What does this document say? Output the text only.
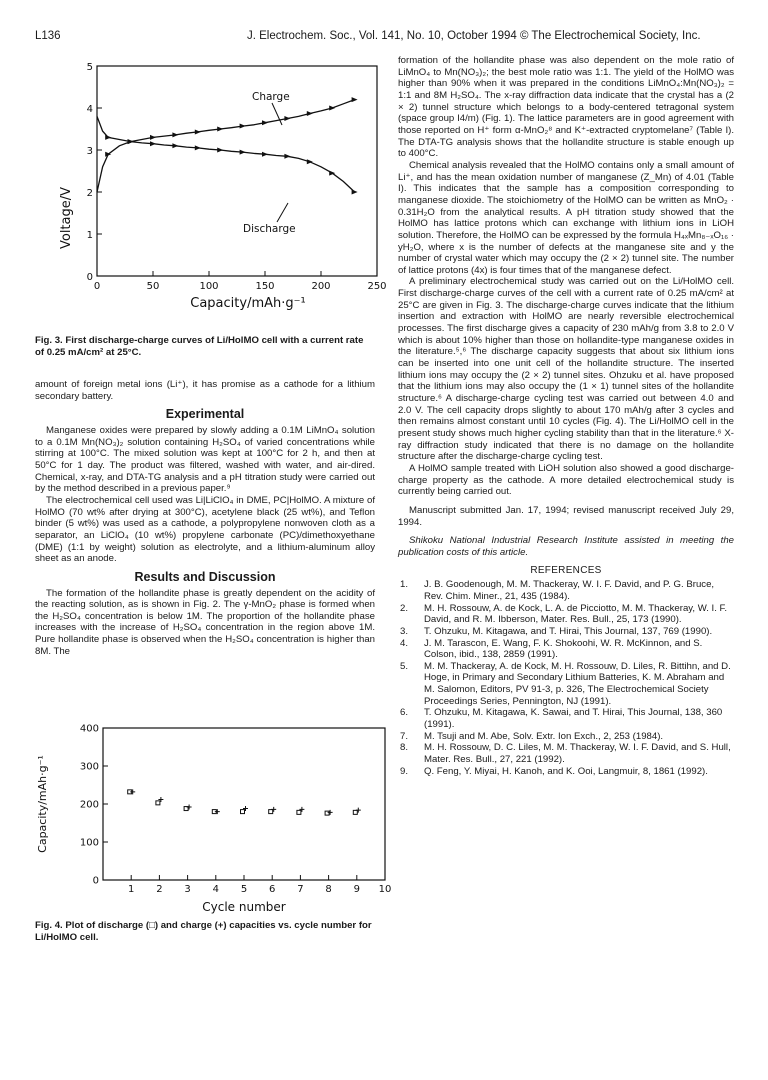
L136	J. Electrochem. Soc., Vol. 141, No. 10, October 1994 © The Electrochemical Society, Inc.
0
1
2
3
4
5
0	50	100	150	200	250
Capacity/mAh·g⁻¹
Voltage/V
Charge
Discharge
Fig. 3. First discharge-charge curves of Li/HolMO cell with a current rate of 0.25 mA/cm² at 25°C.

amount of foreign metal ions (Li⁺), it has promise as a cathode for a lithium secondary battery.

Experimental

Manganese oxides were prepared by slowly adding a 0.1M LiMnO₄ solution to a 0.1M Mn(NO₃)₂ solution containing H₂SO₄ of varied concentrations while stirring at 100°C. The mixed solution was kept at 100°C for 2 h, and then at 50°C for 1 day. The product was filtered, washed with water, and air-dired. Chemical, x-ray, and DTA-TG analysis and a pH titration study were carried out by the method described in a previous paper.⁹

The electrochemical cell used was Li|LiClO₄ in DME, PC|HolMO. A mixture of HolMO (70 wt% after drying at 300°C), acetylene black (25 wt%), and Teflon binder (5 wt%) was used as a cathode, a polypropylene nonwoven cloth as a separator, an LiClO₄ (10 wt%) propylene carbonate (PC)/dimethoxyethane (DME) (1:1 by weight) solution as electrolyte, and a lithium-aluminum alloy sheet as an anode.

Results and Discussion

The formation of the hollandite phase is greatly dependent on the acidity of the reacting solution, as is shown in Fig. 2. The γ-MnO₂ phase is formed when the H₂SO₄ concentration is below 1M. The proportion of the hollandite phase increases with the increase of H₂SO₄ concentration in the region above 1M. Pure hollandite phase is observed when the H₂SO₄ concentration is higher than 8M. The

0
100
200
300
400
1 2 3 4 5 6 7 8 9 10
Cycle number
Capacity/mAh·g⁻¹
Fig. 4. Plot of discharge (□) and charge (+) capacities vs. cycle number for Li/HolMO cell.

formation of the hollandite phase was also dependent on the mole ratio of LiMnO₄ to Mn(NO₃)₂; the best mole ratio was 1:1. The yield of the HolMO was higher than 90% when it was prepared in the conditions LiMnO₄:Mn(NO₃)₂ = 1:1 and 8M H₂SO₄. The x-ray diffraction data indicate that the crystal has a (2 × 2) tunnel structure which belongs to a body-centered tetragonal system (space group I4/m) (Fig. 1). The lattice parameters are in good agreement with those reported on H⁺ form α-MnO₂⁸ and K⁺-extracted cryptomelane⁷ (Table I). The DTA-TG analysis shows that the hollandite structure is stable enough up to 400°C.

Chemical analysis revealed that the HolMO contains only a small amount of Li⁺, and has the mean oxidation number of manganese (Z_Mn) of 4.01 (Table I). This indicates that the sample has a composition corresponding to manganese dioxide. The stoichiometry of the HolMO can be written as MnO₂ · 0.31H₂O from the analytical results. A pH titration study showed that the HolMO has lattice protons which can exchange with lithium ions in LiOH solution. Therefore, the HolMO can be expressed by the formula H₄ₓMn₈₋ₓO₁₆ · yH₂O, where x is the number of defects at the manganese site and y the number of crystal water which may occupy the (2 × 2) tunnel site. The number of lattice protons (4x) is four times that of the manganese defect.

A preliminary electrochemical study was carried out on the Li/HolMO cell. First discharge-charge curves of the cell with a current rate of 0.25 mA/cm² at 25°C are given in Fig. 3. The discharge-charge curves indicate that the lithium insertion and extraction with HolMO are nearly reversible electrochemical processes. The first discharge gives a capacity of 230 mAh/g from 3.8 to 2.0 V which is about 10% higher than those on hollandite-type manganese oxides in the literature.⁵,⁶ The discharge capacity suggests that about six lithium ions can be inserted into one unit cell of the hollandite structure. The inserted lithium ions may occupy the (2 × 2) tunnel sites. Ohzuku et al. have proposed that the lithium ions may also occupy the (1 × 1) tunnel sites of the hollandite structure.⁶ A discharge-charge cycling test was carried out between 4.0 and 2.0 V. The cell capacity drops slightly to about 170 mAh/g after 3 cycles and then remains almost constant until 10 cycles (Fig. 4). The Li/HolMO cell in the present study shows much higher cycling stability than that in the literature.⁶ X-ray diffraction study indicated that there is no damage on the hollandite structure after the discharge-charge cycling test.

A HolMO sample treated with LiOH solution also showed a good discharge-charge property as the cathode. A more detailed electrochemical study is currently being carried out.

Manuscript submitted Jan. 17, 1994; revised manuscript received July 29, 1994.

Shikoku National Industrial Research Institute assisted in meeting the publication costs of this article.

REFERENCES
1. J. B. Goodenough, M. M. Thackeray, W. I. F. David, and P. G. Bruce, Rev. Chim. Miner., 21, 435 (1984).
2. M. H. Rossouw, A. de Kock, L. A. de Picciotto, M. M. Thackeray, W. I. F. David, and R. M. Ibberson, Mater. Res. Bull., 25, 173 (1990).
3. T. Ohzuku, M. Kitagawa, and T. Hirai, This Journal, 137, 769 (1990).
4. J. M. Tarascon, E. Wang, F. K. Shokoohi, W. R. McKinnon, and S. Colson, ibid., 138, 2859 (1991).
5. M. M. Thackeray, A. de Kock, M. H. Rossouw, D. Liles, R. Bittihn, and D. Hoge, in Primary and Secondary Lithium Batteries, K. M. Abraham and M. Salomon, Editors, PV 91-3, p. 326, The Electrochemical Society Proceedings Series, Pennington, NJ (1991).
6. T. Ohzuku, M. Kitagawa, K. Sawai, and T. Hirai, This Journal, 138, 360 (1991).
7. M. Tsuji and M. Abe, Solv. Extr. Ion Exch., 2, 253 (1984).
8. M. H. Rossouw, D. C. Liles, M. M. Thackeray, W. I. F. David, and S. Hull, Mater. Res. Bull., 27, 221 (1992).
9. Q. Feng, Y. Miyai, H. Kanoh, and K. Ooi, Langmuir, 8, 1861 (1992).
